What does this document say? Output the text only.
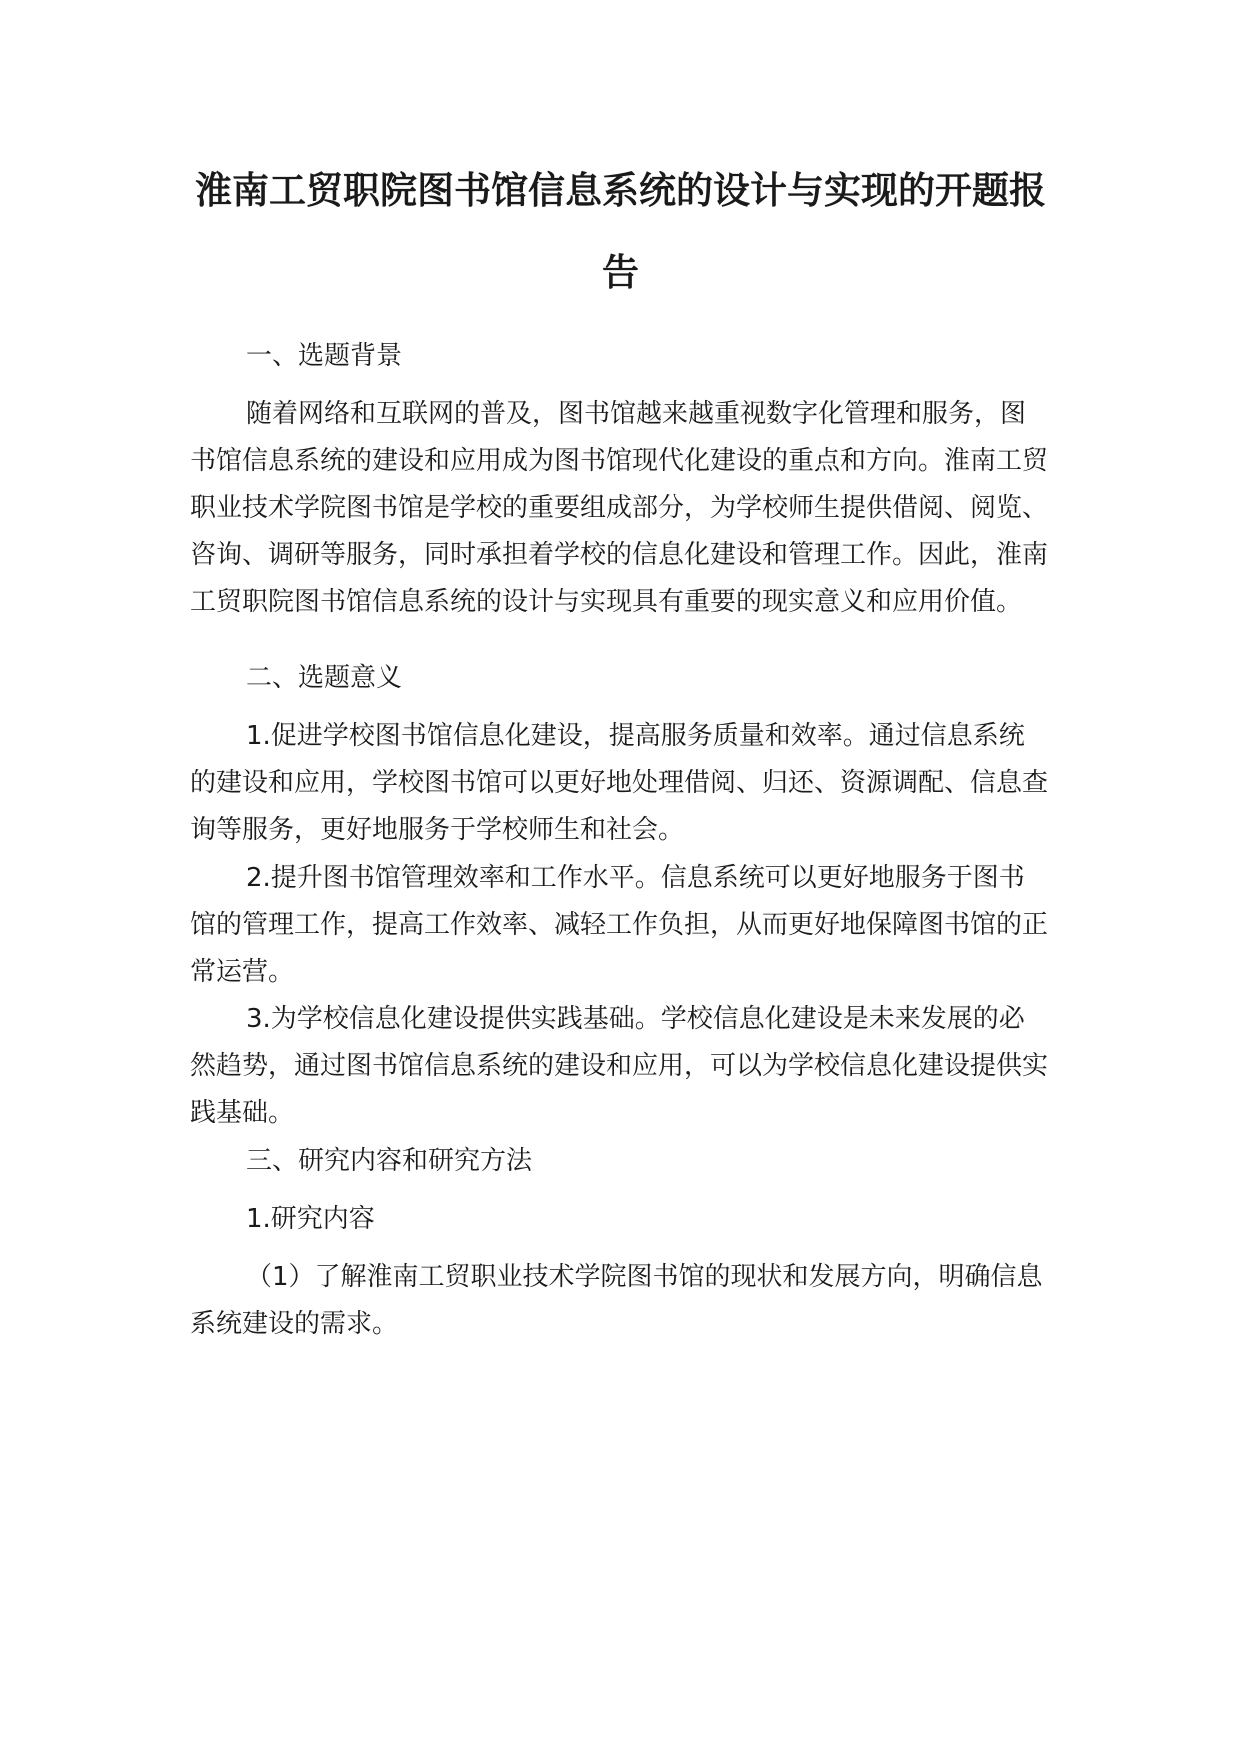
淮南工贸职院图书馆信息系统的设计与实现的开题报告

一、选题背景

随着网络和互联网的普及，图书馆越来越重视数字化管理和服务，图书馆信息系统的建设和应用成为图书馆现代化建设的重点和方向。淮南工贸职业技术学院图书馆是学校的重要组成部分，为学校师生提供借阅、阅览、咨询、调研等服务，同时承担着学校的信息化建设和管理工作。因此，淮南工贸职院图书馆信息系统的设计与实现具有重要的现实意义和应用价值。

二、选题意义

1.促进学校图书馆信息化建设，提高服务质量和效率。通过信息系统的建设和应用，学校图书馆可以更好地处理借阅、归还、资源调配、信息查询等服务，更好地服务于学校师生和社会。

2.提升图书馆管理效率和工作水平。信息系统可以更好地服务于图书馆的管理工作，提高工作效率、减轻工作负担，从而更好地保障图书馆的正常运营。

3.为学校信息化建设提供实践基础。学校信息化建设是未来发展的必然趋势，通过图书馆信息系统的建设和应用，可以为学校信息化建设提供实践基础。

三、研究内容和研究方法

1.研究内容

（1）了解淮南工贸职业技术学院图书馆的现状和发展方向，明确信息系统建设的需求。
